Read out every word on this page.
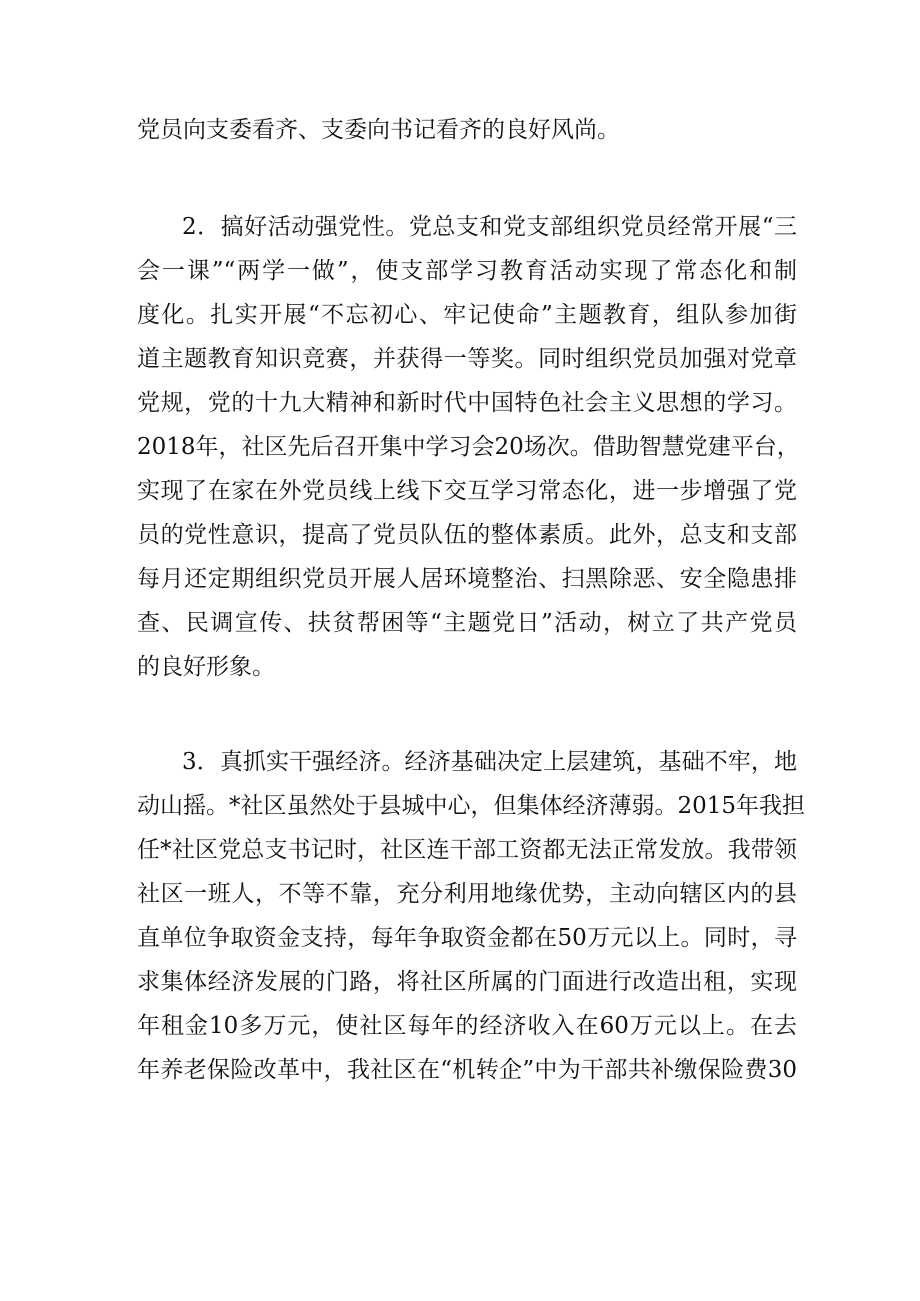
党员向支委看齐、支委向书记看齐的良好风尚。
2．搞好活动强党性。党总支和党支部组织党员经常开展“三
会一课”“两学一做”，使支部学习教育活动实现了常态化和制
度化。扎实开展“不忘初心、牢记使命”主题教育，组队参加街
道主题教育知识竞赛，并获得一等奖。同时组织党员加强对党章
党规，党的十九大精神和新时代中国特色社会主义思想的学习。
2018年，社区先后召开集中学习会20场次。借助智慧党建平台，
实现了在家在外党员线上线下交互学习常态化，进一步增强了党
员的党性意识，提高了党员队伍的整体素质。此外，总支和支部
每月还定期组织党员开展人居环境整治、扫黑除恶、安全隐患排
查、民调宣传、扶贫帮困等“主题党日”活动，树立了共产党员
的良好形象。
3．真抓实干强经济。经济基础决定上层建筑，基础不牢，地
动山摇。*社区虽然处于县城中心，但集体经济薄弱。2015年我担
任*社区党总支书记时，社区连干部工资都无法正常发放。我带领
社区一班人，不等不靠，充分利用地缘优势，主动向辖区内的县
直单位争取资金支持，每年争取资金都在50万元以上。同时，寻
求集体经济发展的门路，将社区所属的门面进行改造出租，实现
年租金10多万元，使社区每年的经济收入在60万元以上。在去
年养老保险改革中，我社区在“机转企”中为干部共补缴保险费30
